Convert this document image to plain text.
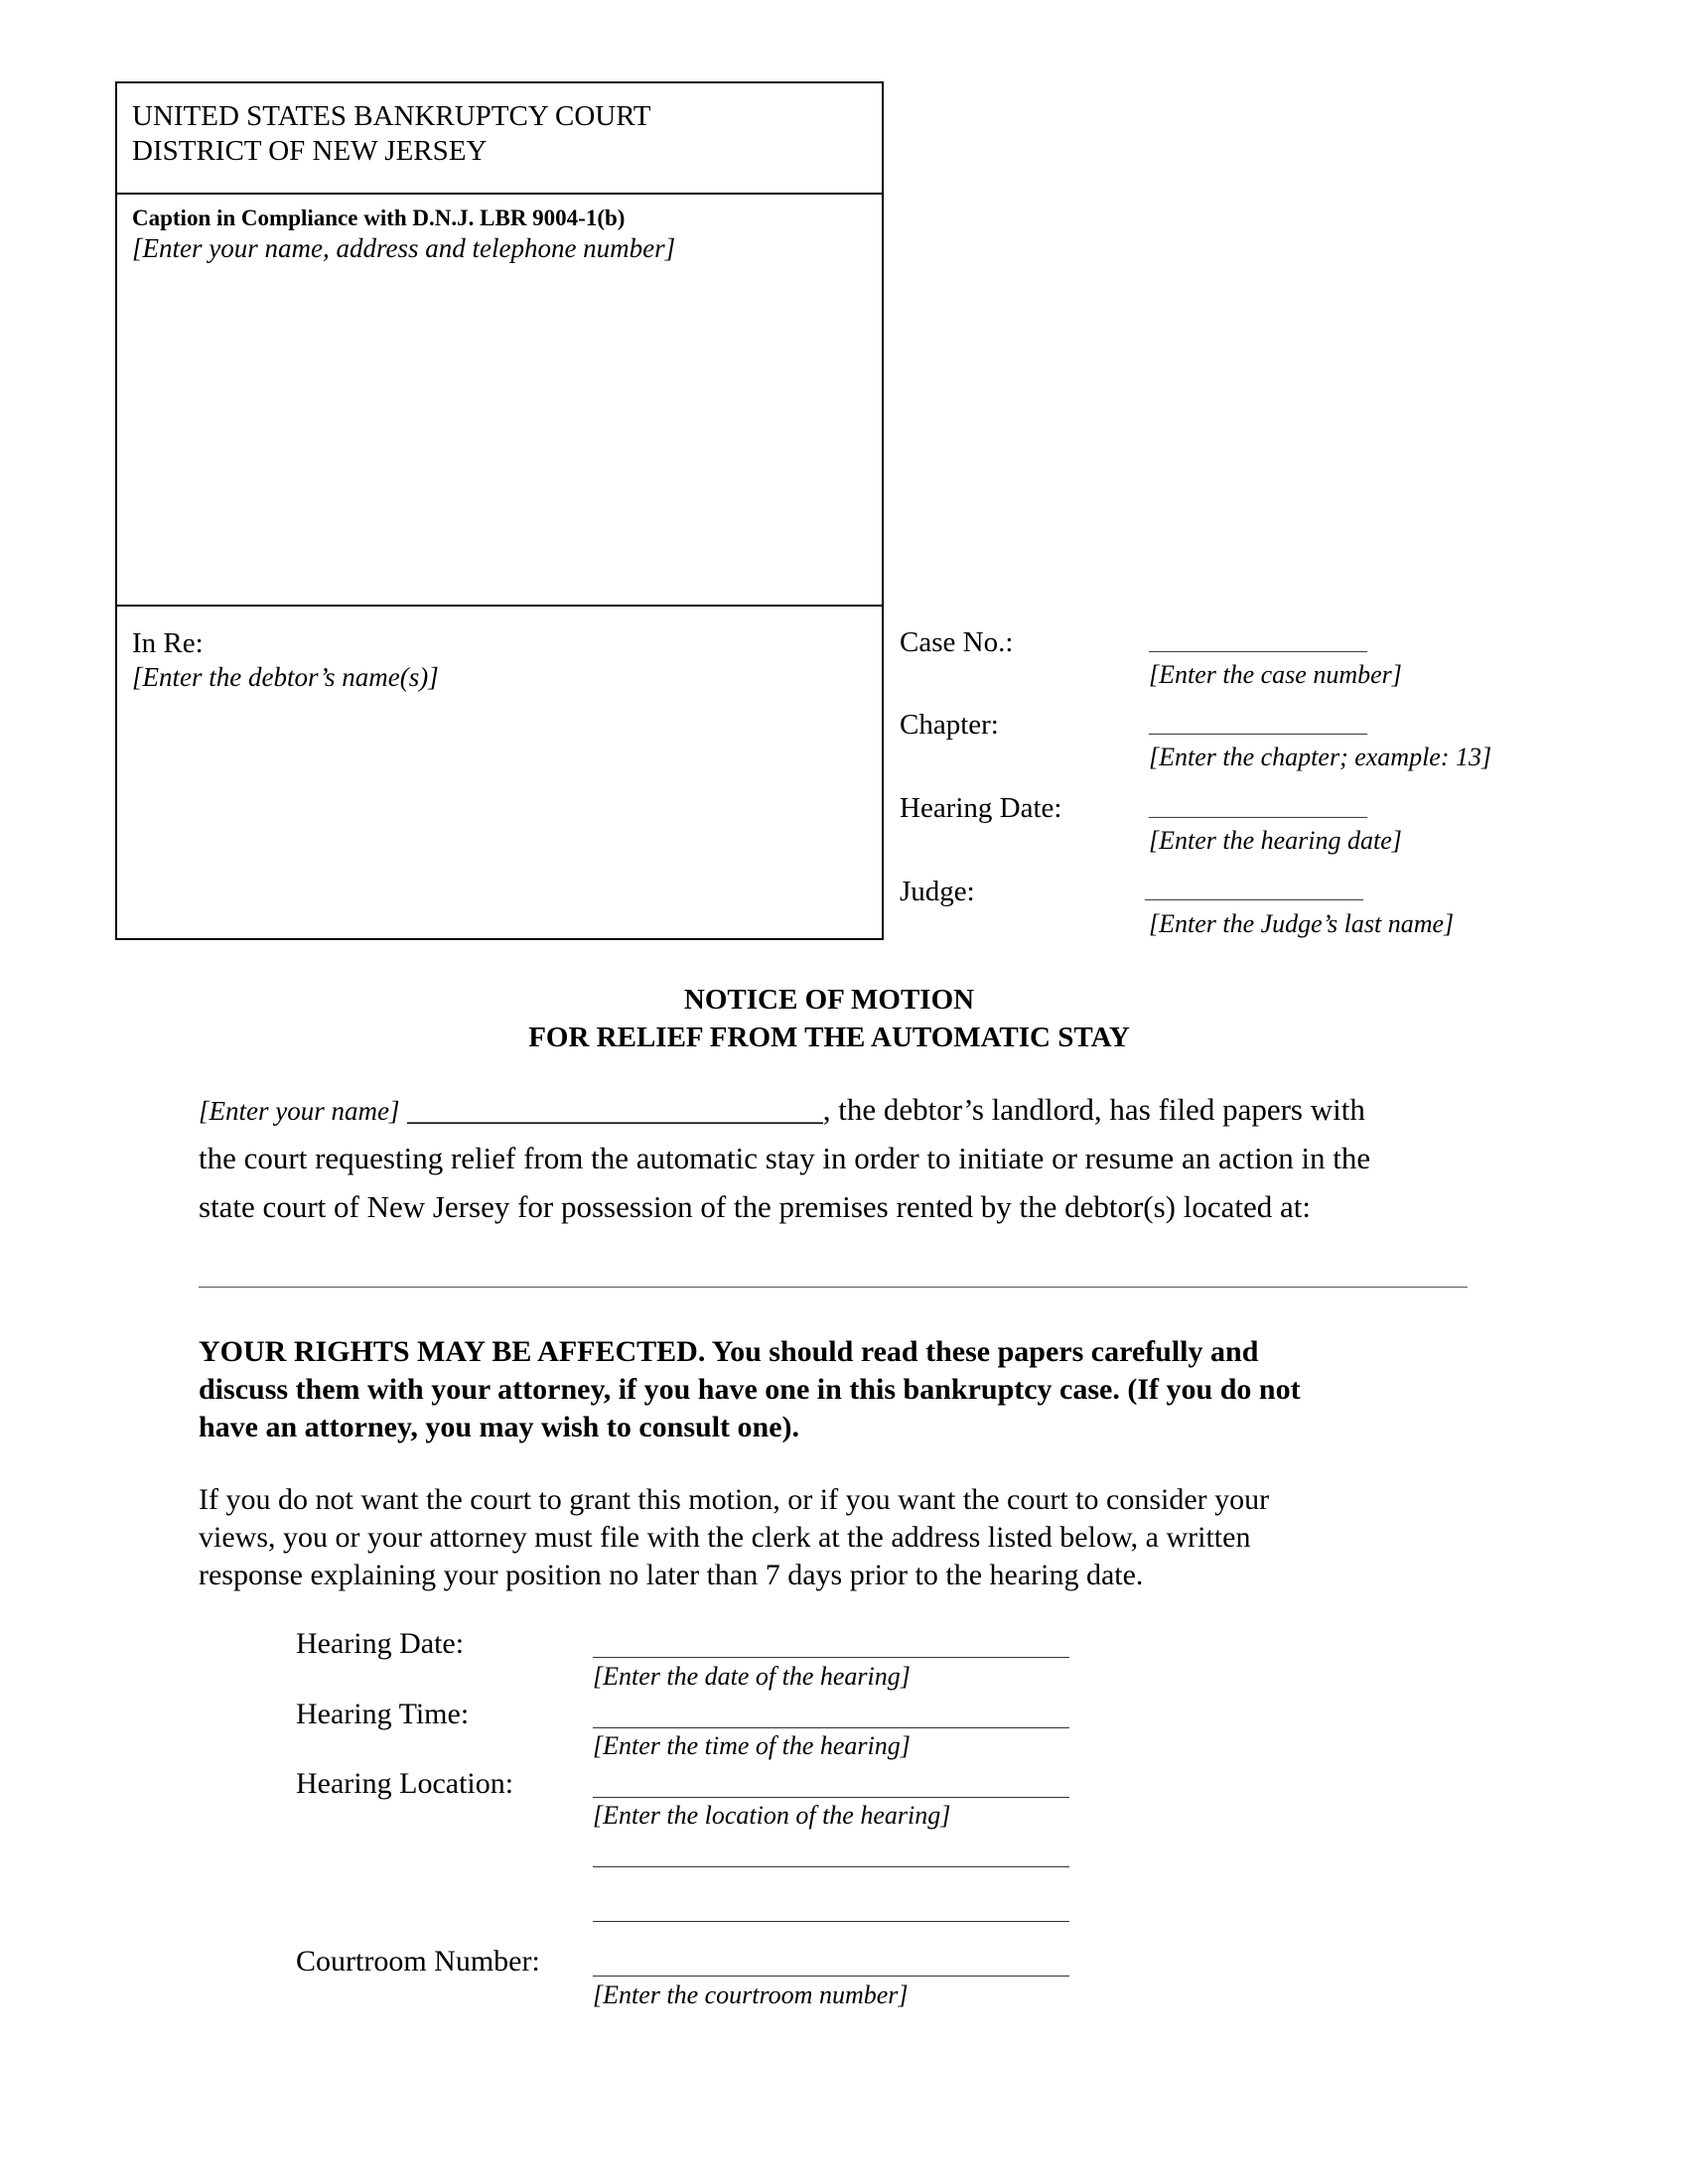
UNITED STATES BANKRUPTCY COURT
DISTRICT OF NEW JERSEY
Caption in Compliance with D.N.J. LBR 9004-1(b)
[Enter your name, address and telephone number]
In Re:
[Enter the debtor’s name(s)]
Case No.:	____________________
[Enter the case number]
Chapter:	____________________
[Enter the chapter; example: 13]
Hearing Date:	____________________
[Enter the hearing date]
Judge:	____________________
[Enter the Judge’s last name]
NOTICE OF MOTION
FOR RELIEF FROM THE AUTOMATIC STAY
[Enter your name] ___________________________, the debtor’s landlord, has filed papers with
the court requesting relief from the automatic stay in order to initiate or resume an action in the
state court of New Jersey for possession of the premises rented by the debtor(s) located at:
YOUR RIGHTS MAY BE AFFECTED. You should read these papers carefully and
discuss them with your attorney, if you have one in this bankruptcy case. (If you do not
have an attorney, you may wish to consult one).
If you do not want the court to grant this motion, or if you want the court to consider your
views, you or your attorney must file with the clerk at the address listed below, a written
response explaining your position no later than 7 days prior to the hearing date.
Hearing Date:
[Enter the date of the hearing]
Hearing Time:
[Enter the time of the hearing]
Hearing Location:
[Enter the location of the hearing]
Courtroom Number:
[Enter the courtroom number]
